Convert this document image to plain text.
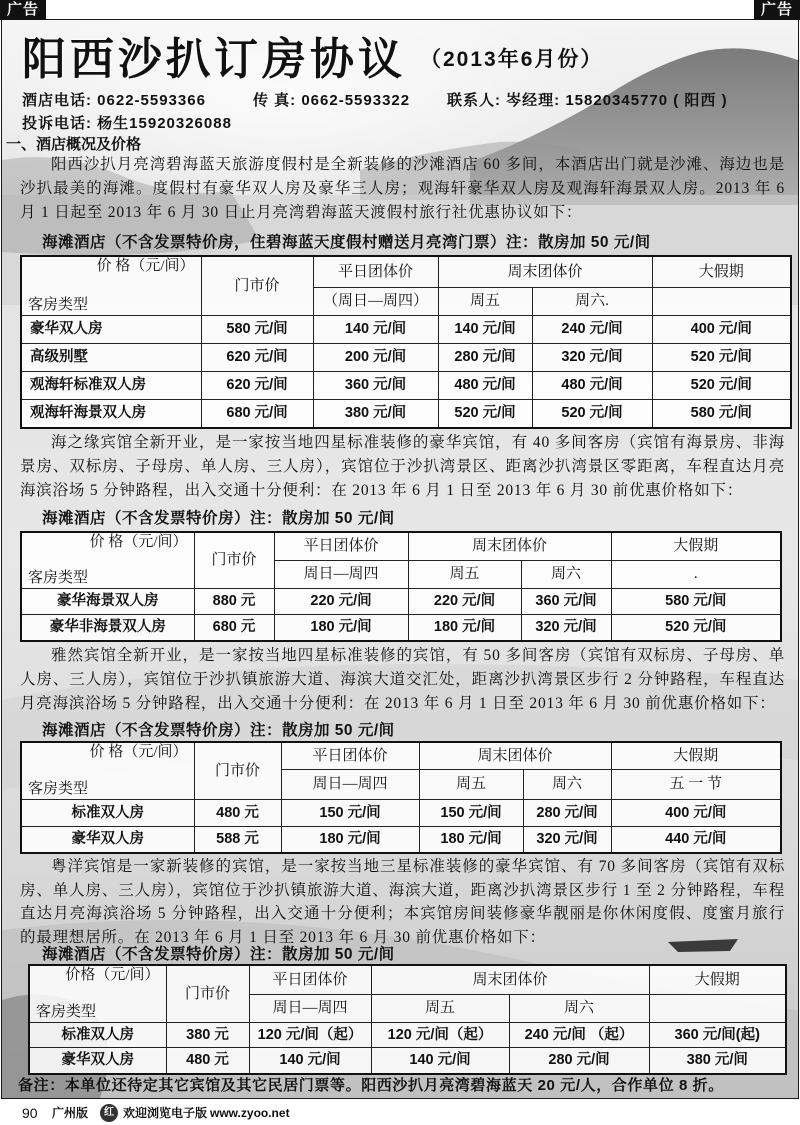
广告	广告
阳西沙扒订房协议 （2013年6月份）
酒店电话: 0622-5593366	传 真: 0662-5593322 联系人: 岑经理: 15820345770 ( 阳西 )
投诉电话: 杨生15920326088
一、酒店概况及价格
阳西沙扒月亮湾碧海蓝天旅游度假村是全新装修的沙滩酒店 60 多间，本酒店出门就是沙滩、海边也是沙扒最美的海滩。度假村有豪华双人房及豪华三人房；观海轩豪华双人房及观海轩海景双人房。2013 年 6 月 1 日起至 2013 年 6 月 30 日止月亮湾碧海蓝天渡假村旅行社优惠协议如下：
海滩酒店（不含发票特价房，住碧海蓝天度假村赠送月亮湾门票）注：散房加 50 元/间
价 格（元/间）
客房类型	门市价	平日团体价	周末团体价		大假期
		（周日—周四）	周五	周六.	
豪华双人房	580 元/间	140 元/间	140 元/间	240 元/间	400 元/间
高级别墅	620 元/间	200 元/间	280 元/间	320 元/间	520 元/间
观海轩标准双人房	620 元/间	360 元/间	480 元/间	480 元/间	520 元/间
观海轩海景双人房	680 元/间	380 元/间	520 元/间	520 元/间	580 元/间
海之缘宾馆全新开业，是一家按当地四星标准装修的豪华宾馆，有 40 多间客房（宾馆有海景房、非海景房、双标房、子母房、单人房、三人房），宾馆位于沙扒湾景区、距离沙扒湾景区零距离，车程直达月亮海滨浴场 5 分钟路程，出入交通十分便利：在 2013 年 6 月 1 日至 2013 年 6 月 30 前优惠价格如下：
海滩酒店（不含发票特价房）注：散房加 50 元/间
价 格（元/间）
客房类型	门市价	平日团体价	周末团体价		大假期
		周日—周四	周五	周六	.
豪华海景双人房	880 元	220 元/间	220 元/间	360 元/间	580 元/间
豪华非海景双人房	680 元	180 元/间	180 元/间	320 元/间	520 元/间
雅然宾馆全新开业，是一家按当地四星标准装修的宾馆，有 50 多间客房（宾馆有双标房、子母房、单人房、三人房），宾馆位于沙扒镇旅游大道、海滨大道交汇处，距离沙扒湾景区步行 2 分钟路程，车程直达月亮海滨浴场 5 分钟路程，出入交通十分便利：在 2013 年 6 月 1 日至 2013 年 6 月 30 前优惠价格如下：
海滩酒店（不含发票特价房）注：散房加 50 元/间
价 格（元/间）
客房类型	门市价	平日团体价	周末团体价		大假期
		周日—周四	周五	周六	五 一 节
标准双人房	480 元	150 元/间	150 元/间	280 元/间	400 元/间
豪华双人房	588 元	180 元/间	180 元/间	320 元/间	440 元/间
粤洋宾馆是一家新装修的宾馆，是一家按当地三星标准装修的豪华宾馆、有 70 多间客房（宾馆有双标房、单人房、三人房），宾馆位于沙扒镇旅游大道、海滨大道，距离沙扒湾景区步行 1 至 2 分钟路程，车程直达月亮海滨浴场 5 分钟路程，出入交通十分便利；本宾馆房间装修豪华靓丽是你休闲度假、度蜜月旅行的最理想居所。在 2013 年 6 月 1 日至 2013 年 6 月 30 前优惠价格如下：
海滩酒店（不含发票特价房）注：散房加 50 元/间
价格（元/间）
客房类型	门市价	平日团体价	周末团体价		大假期
		周日—周四	周五	周六	
标准双人房	380 元	120 元/间（起）	120 元/间（起）	240 元/间 （起）	360 元/间(起)
豪华双人房	480 元	140 元/间	140 元/间	280 元/间	380 元/间
备注：本单位还待定其它宾馆及其它民居门票等。阳西沙扒月亮湾碧海蓝天 20 元/人，合作单位 8 折。
90 广州版	红 欢迎浏览电子版 www.zyoo.net
